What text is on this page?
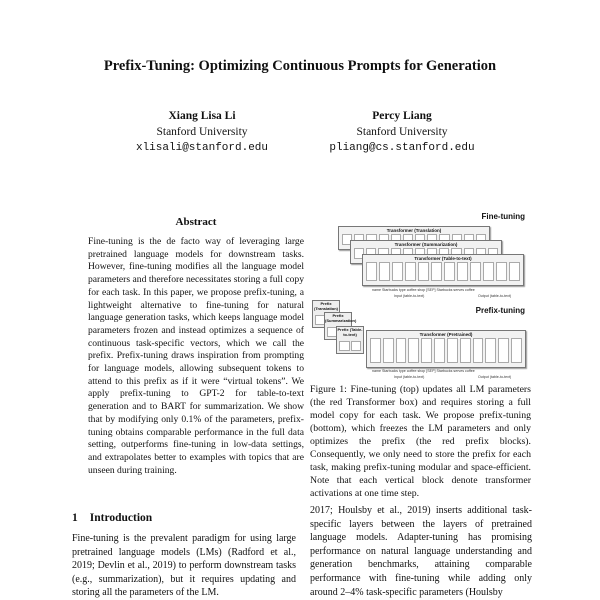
Prefix-Tuning: Optimizing Continuous Prompts for Generation
Xiang Lisa Li
Stanford University
xlisali@stanford.edu
Percy Liang
Stanford University
pliang@cs.stanford.edu
Abstract

Fine-tuning is the de facto way of leveraging large pretrained language models for downstream tasks. However, fine-tuning modifies all the language model parameters and therefore necessitates storing a full copy for each task. In this paper, we propose prefix-tuning, a lightweight alternative to fine-tuning for natural language generation tasks, which keeps language model parameters frozen and instead optimizes a sequence of continuous task-specific vectors, which we call the prefix. Prefix-tuning draws inspiration from prompting for language models, allowing subsequent tokens to attend to this prefix as if it were “virtual tokens”. We apply prefix-tuning to GPT-2 for table-to-text generation and to BART for summarization. We show that by modifying only 0.1% of the parameters, prefix-tuning obtains comparable performance in the full data setting, outperforms fine-tuning in low-data settings, and extrapolates better to examples with topics that are unseen during training.

1 Introduction

Fine-tuning is the prevalent paradigm for using large pretrained language models (LMs) (Radford et al., 2019; Devlin et al., 2019) to perform downstream tasks (e.g., summarization), but it requires updating and storing all the parameters of the LM.

Fine-tuning
Transformer (Translation)
Transformer (Summarization)
Transformer (Table-to-text)
name Starbucks type coffee shop [SEP] Starbucks serves coffee
Input (table-to-text)	Output (table-to-text)
Prefix-tuning
Prefix (Translation)
Prefix (Summarization)
Prefix (Table-to-text)	Transformer (Pretrained)
name Starbucks type coffee shop [SEP] Starbucks serves coffee
Input (table-to-text)	Output (table-to-text)
Figure 1: Fine-tuning (top) updates all LM parameters (the red Transformer box) and requires storing a full model copy for each task. We propose prefix-tuning (bottom), which freezes the LM parameters and only optimizes the prefix (the red prefix blocks). Consequently, we only need to store the prefix for each task, making prefix-tuning modular and space-efficient. Note that each vertical block denote transformer activations at one time step.

2017; Houlsby et al., 2019) inserts additional task-specific layers between the layers of pretrained language models. Adapter-tuning has promising performance on natural language understanding and generation benchmarks, attaining comparable performance with fine-tuning while adding only around 2–4% task-specific parameters (Houlsby
